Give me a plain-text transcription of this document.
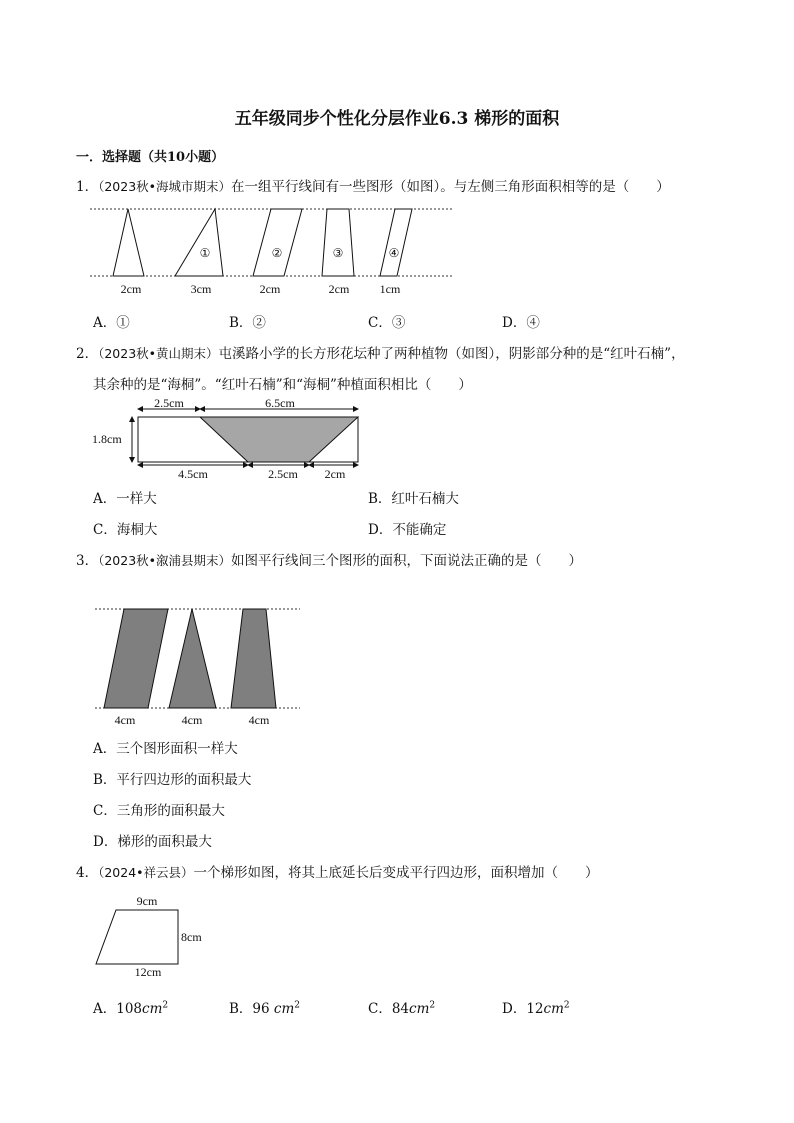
五年级同步个性化分层作业6.3 梯形的面积
一．选择题（共10小题）
1．（2023秋•海城市期末）在一组平行线间有一些图形（如图）。与左侧三角形面积相等的是（　　）
①	②	③	④
2cm	3cm	2cm	2cm	1cm
A．①	B．②	C．③	D．④
2．（2023秋•黄山期末）屯溪路小学的长方形花坛种了两种植物（如图），阴影部分种的是“红叶石楠”，
其余种的是“海桐”。“红叶石楠”和“海桐”种植面积相比（　　）
2.5cm	6.5cm
1.8cm
4.5cm	2.5cm 2cm
A．一样大	B．红叶石楠大
C．海桐大	D．不能确定
3．（2023秋•溆浦县期末）如图平行线间三个图形的面积，下面说法正确的是（　　）
4cm	4cm	4cm
A．三个图形面积一样大
B．平行四边形的面积最大
C．三角形的面积最大
D．梯形的面积最大
4．（2024•祥云县）一个梯形如图，将其上底延长后变成平行四边形，面积增加（　　）
9cm
8cm
12cm
A．$108cm^2$	B．96 $cm^2$	C．$84cm^2$	D．$12cm^2$
